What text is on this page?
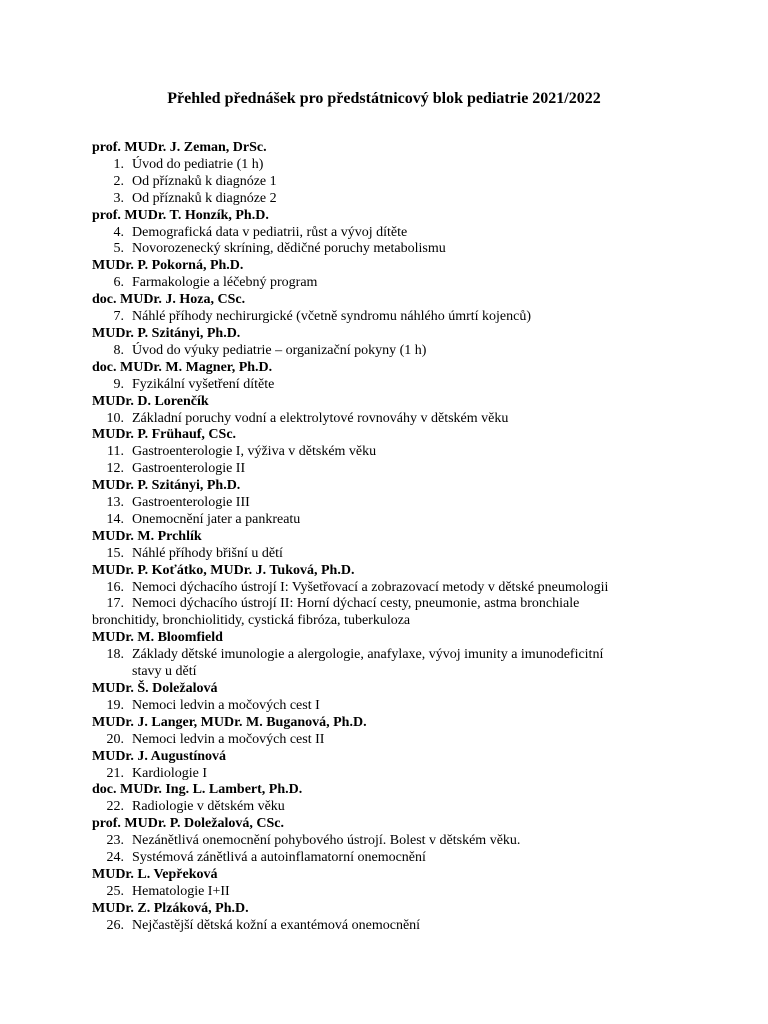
Přehled přednášek pro předstátnicový blok pediatrie 2021/2022
prof. MUDr. J. Zeman, DrSc.
1. Úvod do pediatrie (1 h)
2. Od příznaků k diagnóze 1
3. Od příznaků k diagnóze 2
prof. MUDr. T. Honzík, Ph.D.
4. Demografická data v pediatrii, růst a vývoj dítěte
5. Novorozenecký skríning, dědičné poruchy metabolismu
MUDr. P. Pokorná, Ph.D.
6. Farmakologie a léčebný program
doc. MUDr. J. Hoza, CSc.
7. Náhlé příhody nechirurgické (včetně syndromu náhlého úmrtí kojenců)
MUDr. P. Szitányi, Ph.D.
8. Úvod do výuky pediatrie – organizační pokyny (1 h)
doc. MUDr. M. Magner, Ph.D.
9. Fyzikální vyšetření dítěte
MUDr. D. Lorenčík
10. Základní poruchy vodní a elektrolytové rovnováhy v dětském věku
MUDr. P. Frühauf, CSc.
11. Gastroenterologie I, výživa v dětském věku
12. Gastroenterologie II
MUDr. P. Szitányi, Ph.D.
13. Gastroenterologie III
14. Onemocnění jater a pankreatu
MUDr. M. Prchlík
15. Náhlé příhody břišní u dětí
MUDr. P. Koťátko, MUDr. J. Tuková, Ph.D.
16. Nemoci dýchacího ústrojí I: Vyšetřovací a zobrazovací metody v dětské pneumologii
17. Nemoci dýchacího ústrojí II: Horní dýchací cesty, pneumonie, astma bronchiale
bronchitidy, bronchiolitidy, cystická fibróza, tuberkuloza
MUDr. M. Bloomfield
18. Základy dětské imunologie a alergologie, anafylaxe, vývoj imunity a imunodeficitní
stavy u dětí
MUDr. Š. Doležalová
19. Nemoci ledvin a močových cest I
MUDr. J. Langer, MUDr. M. Buganová, Ph.D.
20. Nemoci ledvin a močových cest II
MUDr. J. Augustínová
21. Kardiologie I
doc. MUDr. Ing. L. Lambert, Ph.D.
22. Radiologie v dětském věku
prof. MUDr. P. Doležalová, CSc.
23. Nezánětlivá onemocnění pohybového ústrojí. Bolest v dětském věku.
24. Systémová zánětlivá a autoinflamatorní onemocnění
MUDr. L. Vepřeková
25. Hematologie I+II
MUDr. Z. Plzáková, Ph.D.
26. Nejčastější dětská kožní a exantémová onemocnění
